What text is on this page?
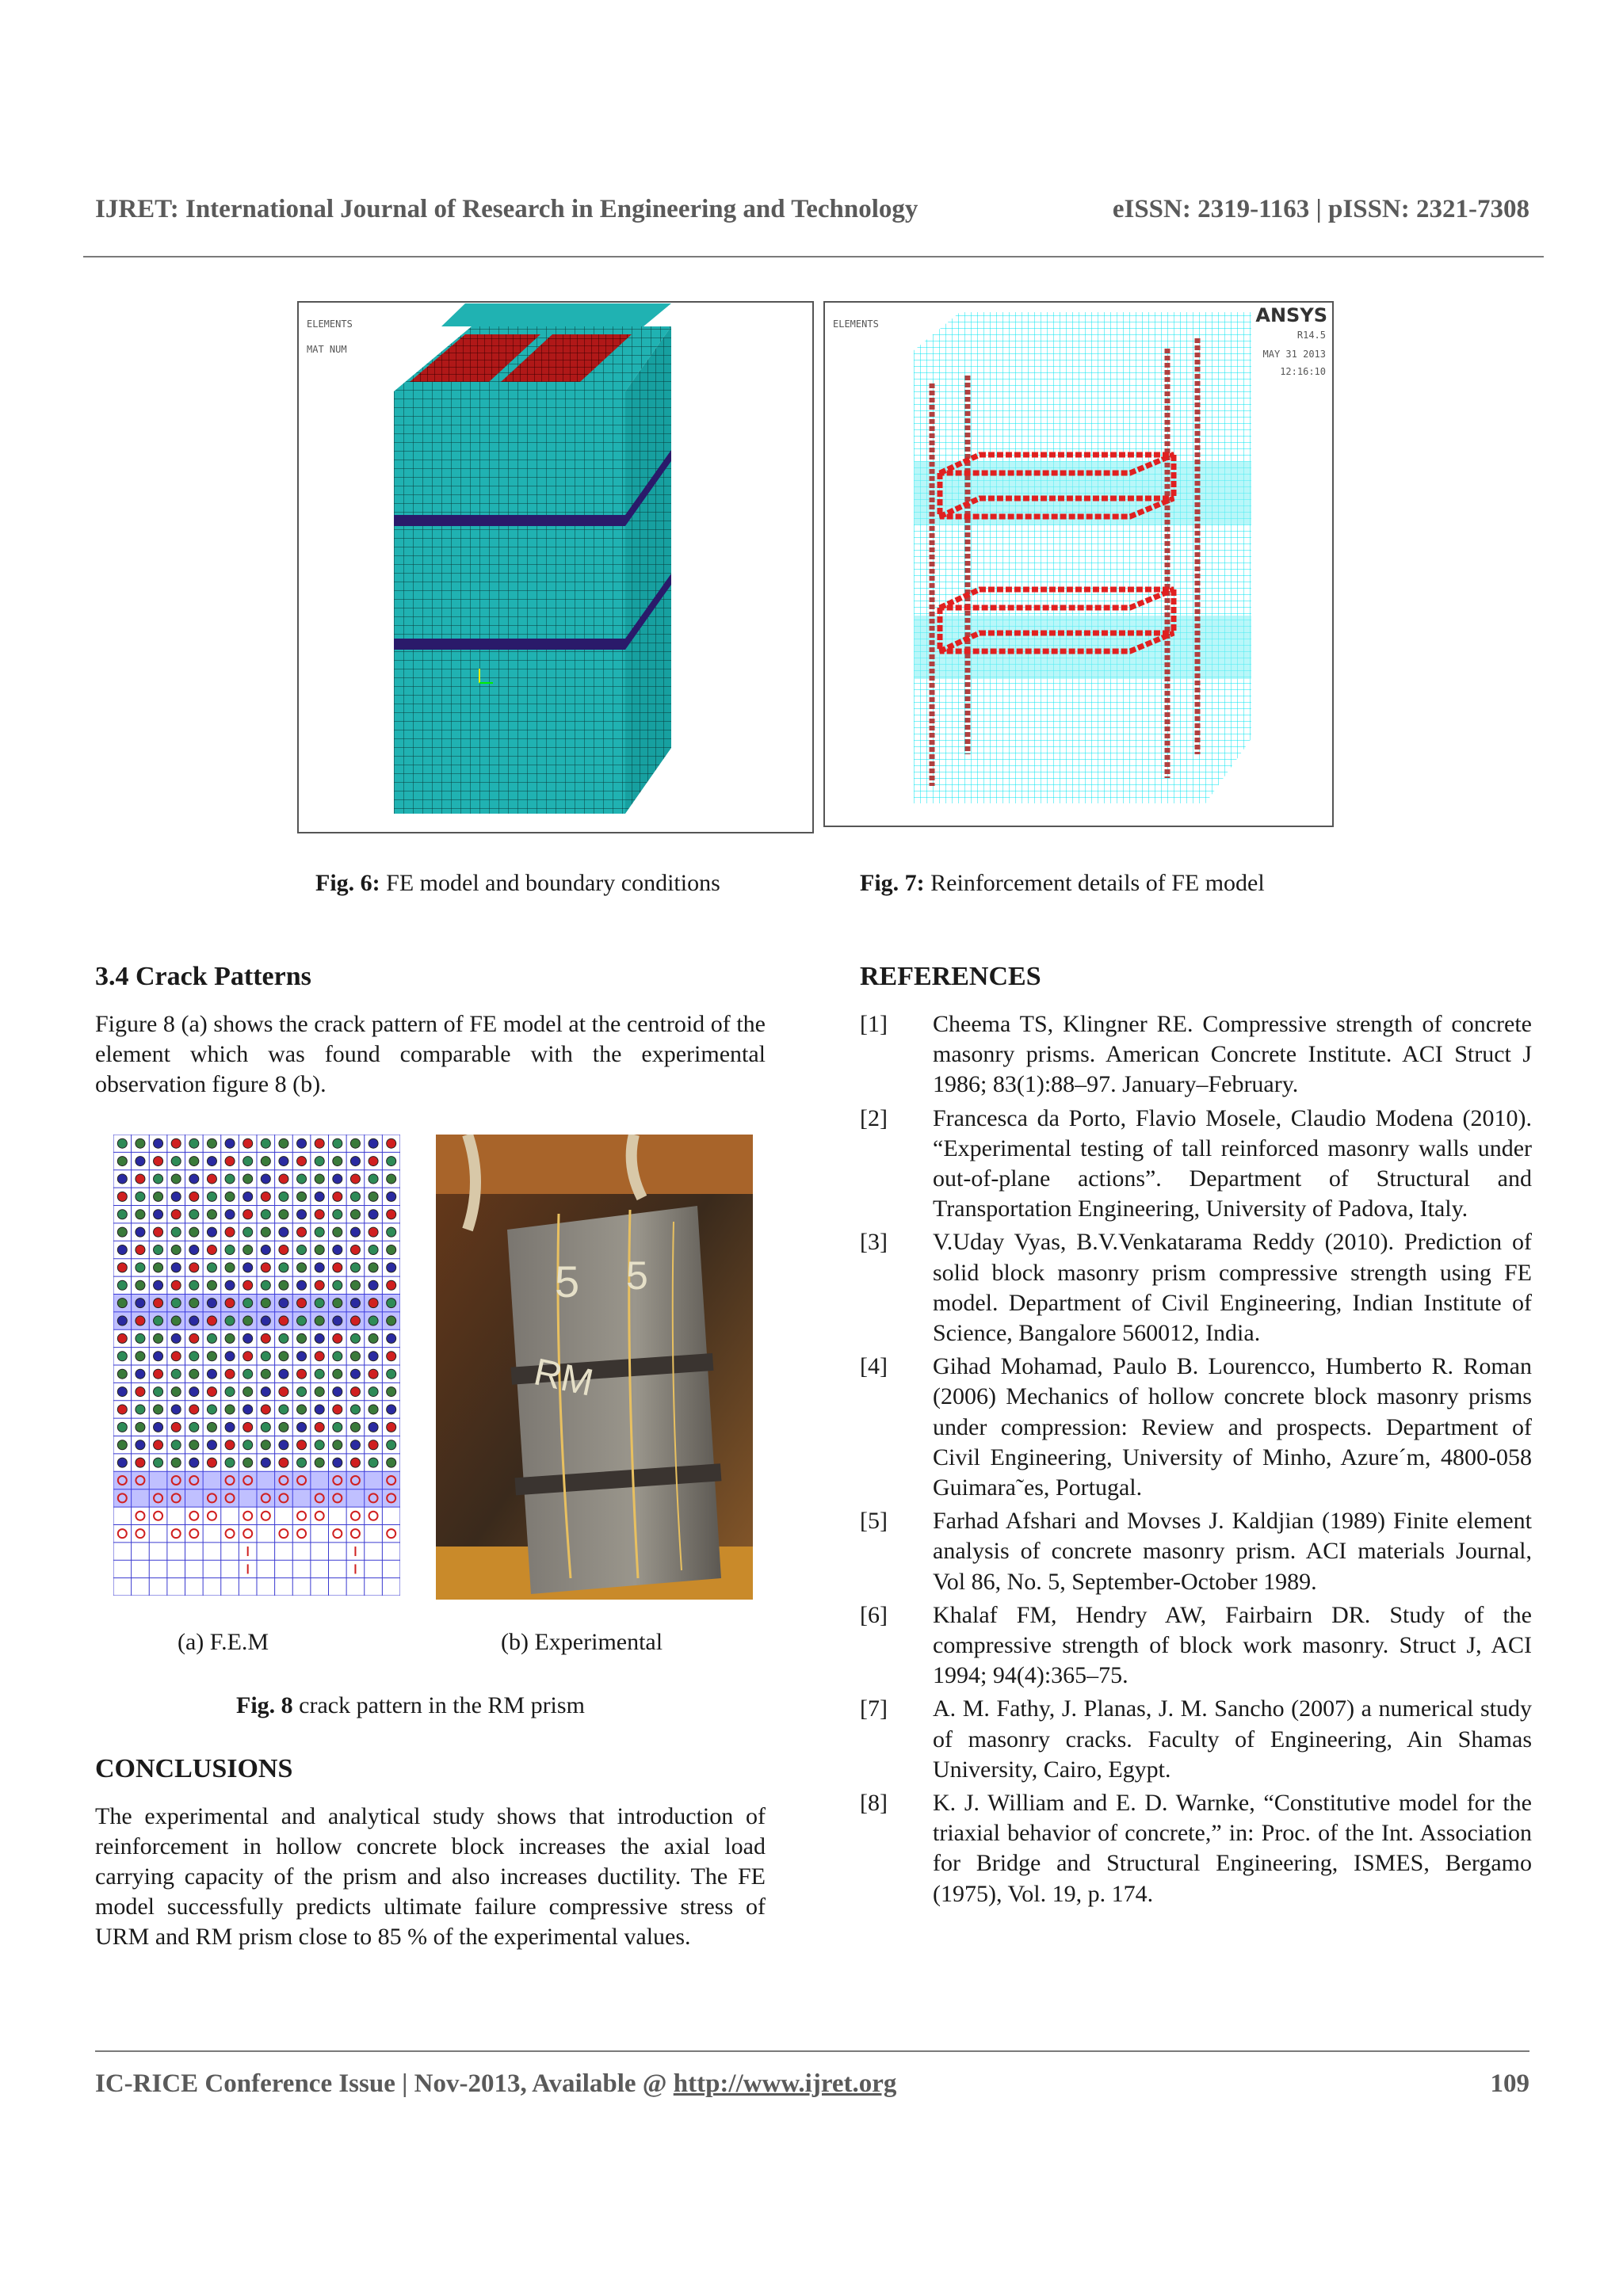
IJRET: International Journal of Research in Engineering and Technology	eISSN: 2319-1163 | pISSN: 2321-7308
ELEMENTS
MAT NUM
ELEMENTS	ANSYS
R14.5
MAY 31 2013
12:16:10
Fig. 6: FE model and boundary conditions	Fig. 7: Reinforcement details of FE model
3.4 Crack Patterns

Figure 8 (a) shows the crack pattern of FE model at the centroid of the element which was found comparable with the experimental observation figure 8 (b).

5 5
RM
(a) F.E.M	(b) Experimental
Fig. 8 crack pattern in the RM prism
CONCLUSIONS

The experimental and analytical study shows that introduction of reinforcement in hollow concrete block increases the axial load carrying capacity of the prism and also increases ductility. The FE model successfully predicts ultimate failure compressive stress of URM and RM prism close to 85 % of the experimental values.

REFERENCES
[1] Cheema TS, Klingner RE. Compressive strength of concrete masonry prisms. American Concrete Institute. ACI Struct J 1986; 83(1):88–97. January–February.
[2] Francesca da Porto, Flavio Mosele, Claudio Modena (2010). “Experimental testing of tall reinforced masonry walls under out-of-plane actions”. Department of Structural and Transportation Engineering, University of Padova, Italy.
[3] V.Uday Vyas, B.V.Venkatarama Reddy (2010). Prediction of solid block masonry prism compressive strength using FE model. Department of Civil Engineering, Indian Institute of Science, Bangalore 560012, India.
[4] Gihad Mohamad, Paulo B. Lourencco, Humberto R. Roman (2006) Mechanics of hollow concrete block masonry prisms under compression: Review and prospects. Department of Civil Engineering, University of Minho, Azure´m, 4800-058 Guimara˜es, Portugal.
[5] Farhad Afshari and Movses J. Kaldjian (1989) Finite element analysis of concrete masonry prism. ACI materials Journal, Vol 86, No. 5, September-October 1989.
[6] Khalaf FM, Hendry AW, Fairbairn DR. Study of the compressive strength of block work masonry. Struct J, ACI 1994; 94(4):365–75.
[7] A. M. Fathy, J. Planas, J. M. Sancho (2007) a numerical study of masonry cracks. Faculty of Engineering, Ain Shamas University, Cairo, Egypt.
[8] K. J. William and E. D. Warnke, “Constitutive model for the triaxial behavior of concrete,” in: Proc. of the Int. Association for Bridge and Structural Engineering, ISMES, Bergamo (1975), Vol. 19, p. 174.
IC-RICE Conference Issue | Nov-2013, Available @ http://www.ijret.org	109
